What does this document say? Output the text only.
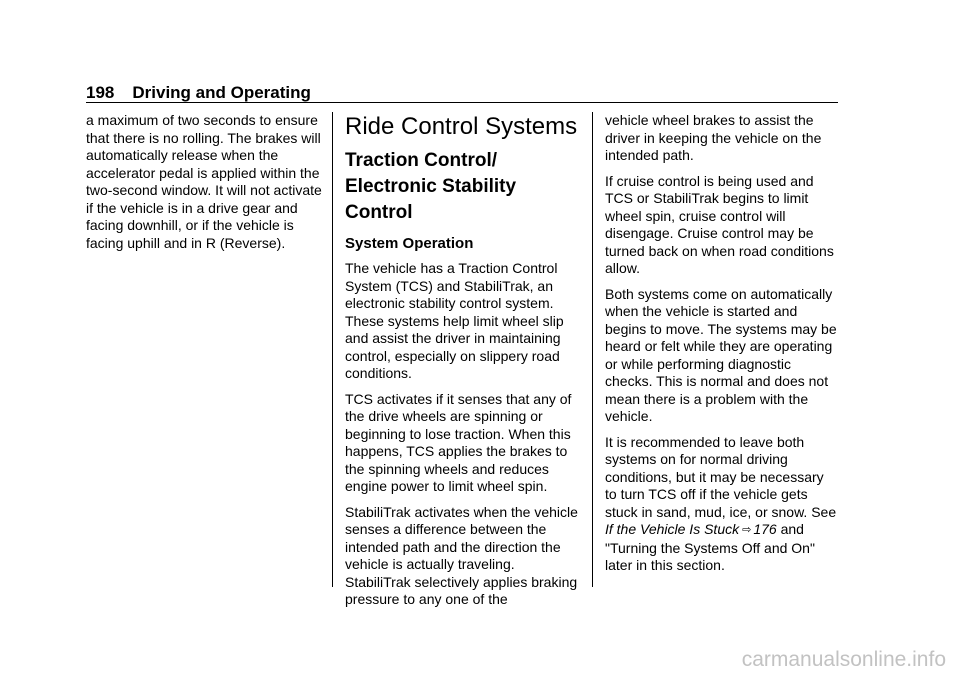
198 Driving and Operating

a maximum of two seconds to ensure that there is no rolling. The brakes will automatically release when the accelerator pedal is applied within the two-second window. It will not activate if the vehicle is in a drive gear and facing downhill, or if the vehicle is facing uphill and in R (Reverse).

Ride Control Systems
Traction Control/
Electronic Stability
Control
System Operation

The vehicle has a Traction Control System (TCS) and StabiliTrak, an electronic stability control system. These systems help limit wheel slip and assist the driver in maintaining control, especially on slippery road conditions.

TCS activates if it senses that any of the drive wheels are spinning or beginning to lose traction. When this happens, TCS applies the brakes to the spinning wheels and reduces engine power to limit wheel spin.

StabiliTrak activates when the vehicle senses a difference between the intended path and the direction the vehicle is actually traveling. StabiliTrak selectively applies braking pressure to any one of the

vehicle wheel brakes to assist the driver in keeping the vehicle on the intended path.

If cruise control is being used and TCS or StabiliTrak begins to limit wheel spin, cruise control will disengage. Cruise control may be turned back on when road conditions allow.

Both systems come on automatically when the vehicle is started and begins to move. The systems may be heard or felt while they are operating or while performing diagnostic checks. This is normal and does not mean there is a problem with the vehicle.

It is recommended to leave both systems on for normal driving conditions, but it may be necessary to turn TCS off if the vehicle gets stuck in sand, mud, ice, or snow. See If the Vehicle Is Stuck ⇨ 176 and "Turning the Systems Off and On" later in this section.

carmanualsonline.info
